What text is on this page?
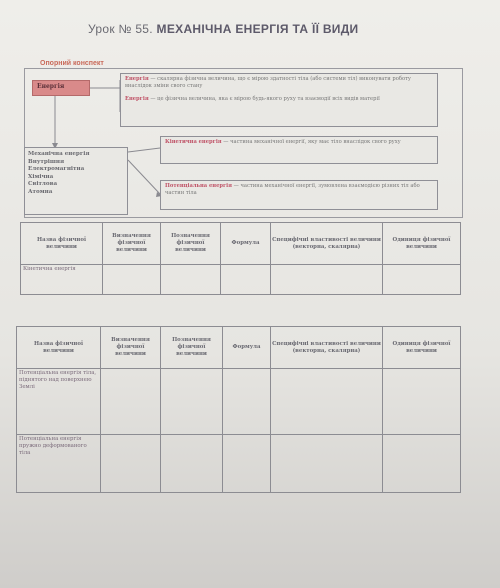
Урок № 55. МЕХАНІЧНА ЕНЕРГІЯ ТА ЇЇ ВИДИ
Опорний конспект
Енергія
Енергія — скалярна фізична величина, що є мірою здатності тіла (або системи тіл) виконувати роботу внаслідок зміни свого стану
Енергія — це фізична величина, яка є мірою будь-якого руху та взаємодії всіх видів матерії
Механічна енергія
Внутрішня
Електромагнітна
Хімічна
Світлова
Атомна
Кінетична енергія — частина механічної енергії, яку має тіло внаслідок свого руху
Потенціальна енергія — частина механічної енергії, зумовлена взаємодією різних тіл або частин тіла
Назва фізичної величини	Визначення фізичної величини	Позначення фізичної величини	Формула	Специфічні властивості величини (векторна, скалярна)	Одиниця фізичної величини
Кінетична енергія					
Назва фізичної величини	Визначення фізичної величини	Позначення фізичної величини	Формула	Специфічні властивості величини (векторна, скалярна)	Одиниця фізичної величини
Потенціальна енергія тіла, піднятого над поверхнею Землі					
Потенціальна енергія пружно деформованого тіла					
